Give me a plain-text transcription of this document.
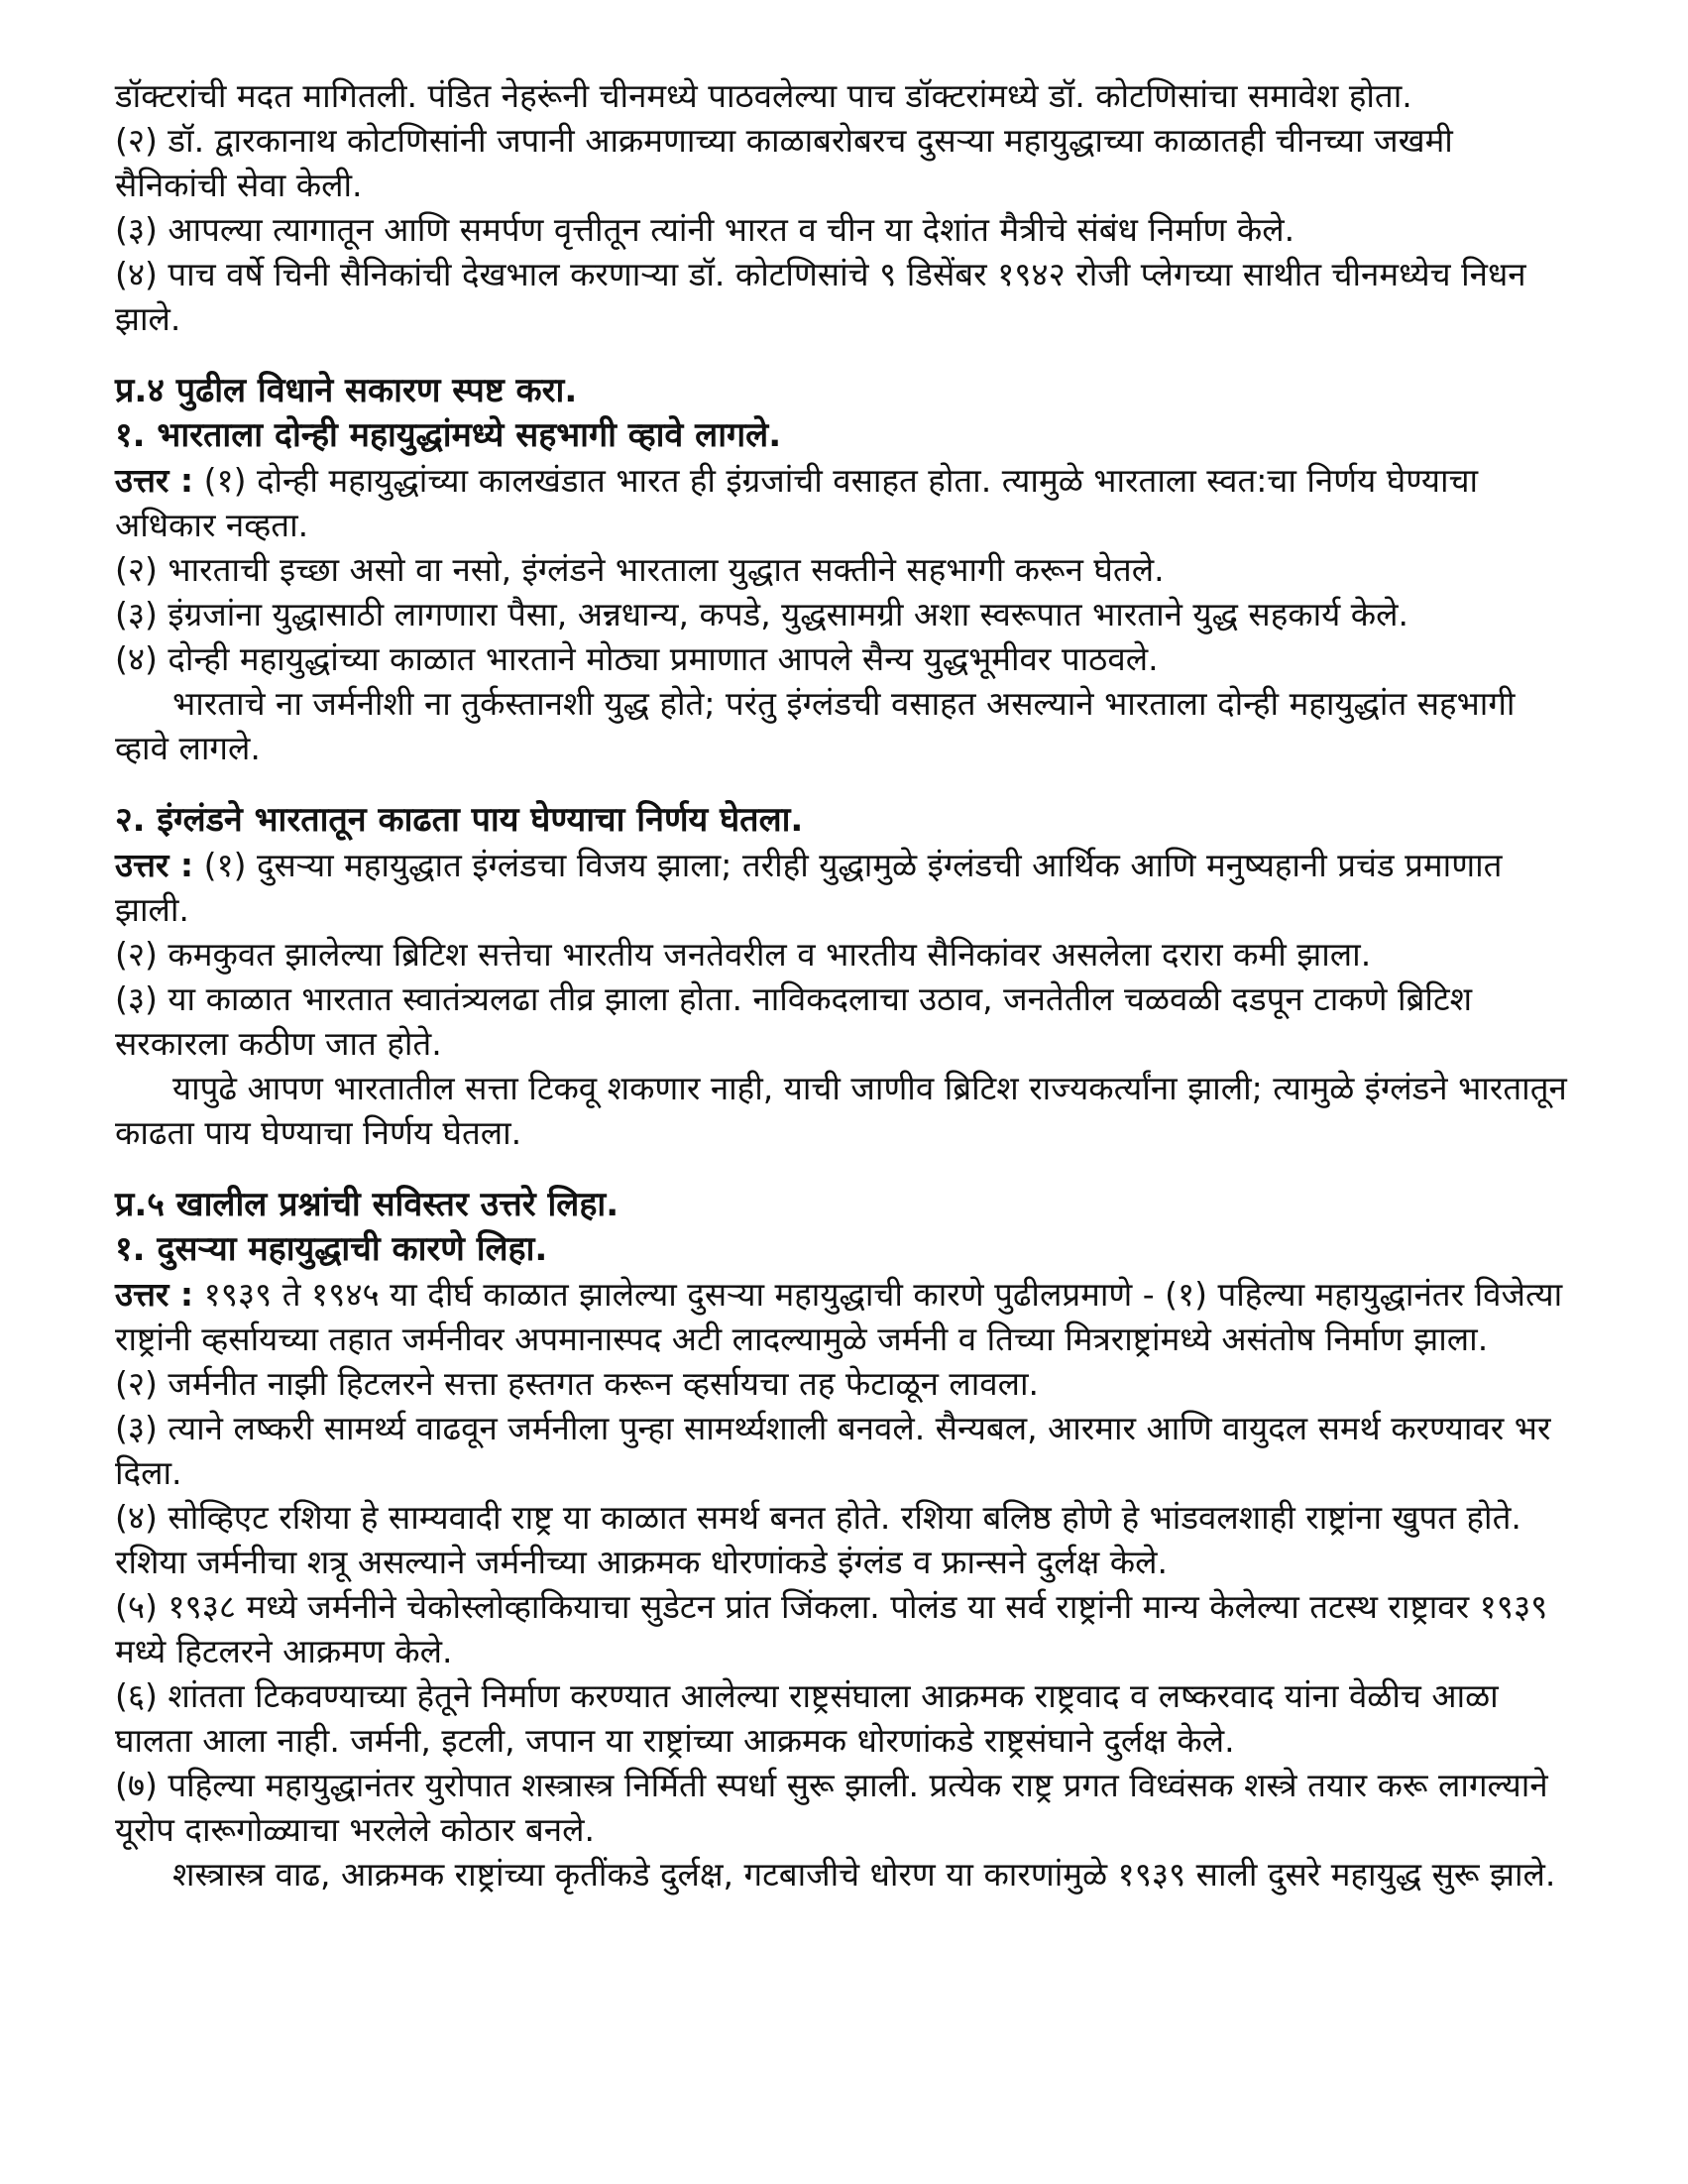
डॉक्टरांची मदत मागितली. पंडित नेहरूंनी चीनमध्ये पाठवलेल्या पाच डॉक्टरांमध्ये डॉ. कोटणिसांचा समावेश होता.

(२) डॉ. द्वारकानाथ कोटणिसांनी जपानी आक्रमणाच्या काळाबरोबरच दुसऱ्या महायुद्धाच्या काळातही चीनच्या जखमी सैनिकांची सेवा केली.

(३) आपल्या त्यागातून आणि समर्पण वृत्तीतून त्यांनी भारत व चीन या देशांत मैत्रीचे संबंध निर्माण केले.

(४) पाच वर्षे चिनी सैनिकांची देखभाल करणाऱ्या डॉ. कोटणिसांचे ९ डिसेंबर १९४२ रोजी प्लेगच्या साथीत चीनमध्येच निधन झाले.

प्र.४ पुढील विधाने सकारण स्पष्ट करा.

१. भारताला दोन्ही महायुद्धांमध्ये सहभागी व्हावे लागले.

उत्तर : (१) दोन्ही महायुद्धांच्या कालखंडात भारत ही इंग्रजांची वसाहत होता. त्यामुळे भारताला स्वत:चा निर्णय घेण्याचा अधिकार नव्हता.

(२) भारताची इच्छा असो वा नसो, इंग्लंडने भारताला युद्धात सक्तीने सहभागी करून घेतले.

(३) इंग्रजांना युद्धासाठी लागणारा पैसा, अन्नधान्य, कपडे, युद्धसामग्री अशा स्वरूपात भारताने युद्ध सहकार्य केले.

(४) दोन्ही महायुद्धांच्या काळात भारताने मोठ्या प्रमाणात आपले सैन्य युद्धभूमीवर पाठवले.

भारताचे ना जर्मनीशी ना तुर्कस्तानशी युद्ध होते; परंतु इंग्लंडची वसाहत असल्याने भारताला दोन्ही महायुद्धांत सहभागी व्हावे लागले.

२. इंग्लंडने भारतातून काढता पाय घेण्याचा निर्णय घेतला.

उत्तर : (१) दुसऱ्या महायुद्धात इंग्लंडचा विजय झाला; तरीही युद्धामुळे इंग्लंडची आर्थिक आणि मनुष्यहानी प्रचंड प्रमाणात झाली.

(२) कमकुवत झालेल्या ब्रिटिश सत्तेचा भारतीय जनतेवरील व भारतीय सैनिकांवर असलेला दरारा कमी झाला.

(३) या काळात भारतात स्वातंत्र्यलढा तीव्र झाला होता. नाविकदलाचा उठाव, जनतेतील चळवळी दडपून टाकणे ब्रिटिश सरकारला कठीण जात होते.

यापुढे आपण भारतातील सत्ता टिकवू शकणार नाही, याची जाणीव ब्रिटिश राज्यकर्त्यांना झाली; त्यामुळे इंग्लंडने भारतातून काढता पाय घेण्याचा निर्णय घेतला.

प्र.५ खालील प्रश्नांची सविस्तर उत्तरे लिहा.

१. दुसऱ्या महायुद्धाची कारणे लिहा.

उत्तर : १९३९ ते १९४५ या दीर्घ काळात झालेल्या दुसऱ्या महायुद्धाची कारणे पुढीलप्रमाणे - (१) पहिल्या महायुद्धानंतर विजेत्या राष्ट्रांनी व्हर्सायच्या तहात जर्मनीवर अपमानास्पद अटी लादल्यामुळे जर्मनी व तिच्या मित्रराष्ट्रांमध्ये असंतोष निर्माण झाला.

(२) जर्मनीत नाझी हिटलरने सत्ता हस्तगत करून व्हर्सायचा तह फेटाळून लावला.

(३) त्याने लष्करी सामर्थ्य वाढवून जर्मनीला पुन्हा सामर्थ्यशाली बनवले. सैन्यबल, आरमार आणि वायुदल समर्थ करण्यावर भर दिला.

(४) सोव्हिएट रशिया हे साम्यवादी राष्ट्र या काळात समर्थ बनत होते. रशिया बलिष्ठ होणे हे भांडवलशाही राष्ट्रांना खुपत होते. रशिया जर्मनीचा शत्रू असल्याने जर्मनीच्या आक्रमक धोरणांकडे इंग्लंड व फ्रान्सने दुर्लक्ष केले.

(५) १९३८ मध्ये जर्मनीने चेकोस्लोव्हाकियाचा सुडेटन प्रांत जिंकला. पोलंड या सर्व राष्ट्रांनी मान्य केलेल्या तटस्थ राष्ट्रावर १९३९ मध्ये हिटलरने आक्रमण केले.

(६) शांतता टिकवण्याच्या हेतूने निर्माण करण्यात आलेल्या राष्ट्रसंघाला आक्रमक राष्ट्रवाद व लष्करवाद यांना वेळीच आळा घालता आला नाही. जर्मनी, इटली, जपान या राष्ट्रांच्या आक्रमक धोरणांकडे राष्ट्रसंघाने दुर्लक्ष केले.

(७) पहिल्या महायुद्धानंतर युरोपात शस्त्रास्त्र निर्मिती स्पर्धा सुरू झाली. प्रत्येक राष्ट्र प्रगत विध्वंसक शस्त्रे तयार करू लागल्याने यूरोप दारूगोळ्याचा भरलेले कोठार बनले.

शस्त्रास्त्र वाढ, आक्रमक राष्ट्रांच्या कृतींकडे दुर्लक्ष, गटबाजीचे धोरण या कारणांमुळे १९३९ साली दुसरे महायुद्ध सुरू झाले.
